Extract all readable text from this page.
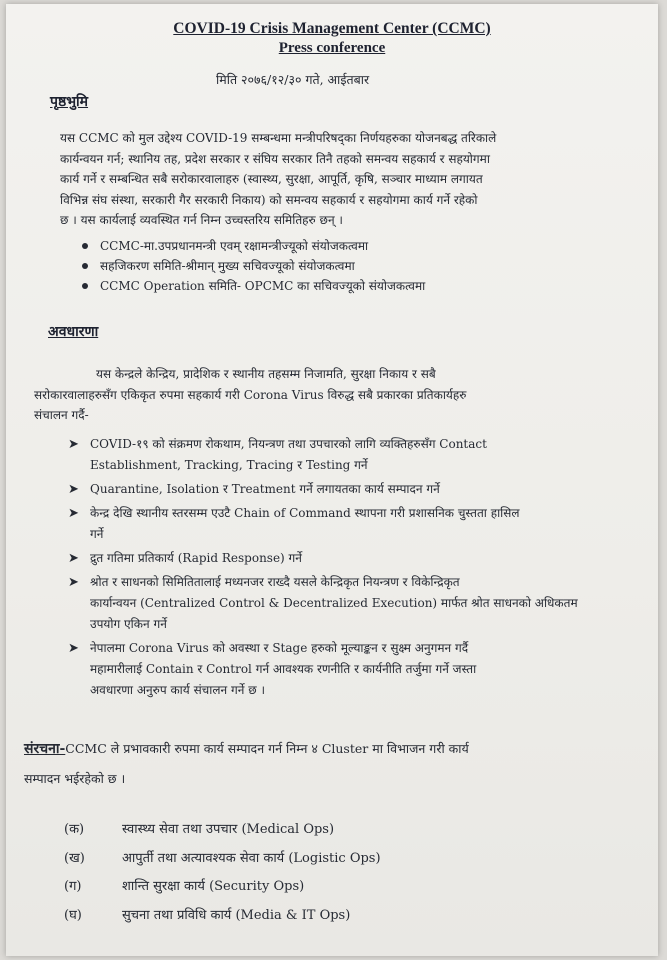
COVID-19 Crisis Management Center (CCMC)
Press conference
मिति २०७६/१२/३० गते, आईतबार
पृष्ठभुमि
यस CCMC को मुल उद्देश्य COVID-19 सम्बन्धमा मन्त्रीपरिषद्का निर्णयहरुका योजनबद्ध तरिकाले
कार्यन्वयन गर्न; स्थानिय तह, प्रदेश सरकार र संघिय सरकार तिनै तहको समन्वय सहकार्य र सहयोगमा
कार्य गर्ने र सम्बन्धित सबै सरोकारवालाहरु (स्वास्थ्य, सुरक्षा, आपूर्ति, कृषि, सञ्चार माध्याम लगायत
विभिन्न संघ संस्था, सरकारी गैर सरकारी निकाय) को समन्वय सहकार्य र सहयोगमा कार्य गर्ने रहेको
छ । यस कार्यलाई व्यवस्थित गर्न निम्न उच्चस्तरिय समितिहरु छन् ।
CCMC-मा.उपप्रधानमन्त्री एवम् रक्षामन्त्रीज्यूको संयोजकत्वमा
सहजिकरण समिति-श्रीमान् मुख्य सचिवज्यूको संयोजकत्वमा
CCMC Operation समिति- OPCMC का सचिवज्यूको संयोजकत्वमा
अवधारणा
यस केन्द्रले केन्द्रिय, प्रादेशिक र स्थानीय तहसम्म निजामति, सुरक्षा निकाय र सबै
सरोकारवालाहरुसँग एकिकृत रुपमा सहकार्य गरी Corona Virus विरुद्ध सबै प्रकारका प्रतिकार्यहरु
संचालन गर्दै-
➤ COVID-१९ को संक्रमण रोकथाम, नियन्त्रण तथा उपचारको लागि व्यक्तिहरुसँग Contact
Establishment, Tracking, Tracing र Testing गर्ने
➤ Quarantine, Isolation र Treatment गर्ने लगायतका कार्य सम्पादन गर्ने
➤ केन्द्र देखि स्थानीय स्तरसम्म एउटै Chain of Command स्थापना गरी प्रशासनिक चुस्तता हासिल
गर्ने
➤ द्रुत गतिमा प्रतिकार्य (Rapid Response) गर्ने
➤ श्रोत र साधनको सिमितितालाई मध्यनजर राख्दै यसले केन्द्रिकृत नियन्त्रण र विकेन्द्रिकृत
कार्यान्वयन (Centralized Control & Decentralized Execution) मार्फत श्रोत साधनको अधिकतम
उपयोग एकिन गर्ने
➤ नेपालमा Corona Virus को अवस्था र Stage हरुको मूल्याङ्कन र सुक्ष्म अनुगमन गर्दै
महामारीलाई Contain र Control गर्न आवश्यक रणनीति र कार्यनीति तर्जुमा गर्ने जस्ता
अवधारणा अनुरुप कार्य संचालन गर्ने छ ।
संरचना-CCMC ले प्रभावकारी रुपमा कार्य सम्पादन गर्न निम्न ४ Cluster मा विभाजन गरी कार्य
सम्पादन भईरहेको छ ।
(क)	स्वास्थ्य सेवा तथा उपचार (Medical Ops)
(ख)	आपुर्ती तथा अत्यावश्यक सेवा कार्य (Logistic Ops)
(ग)	शान्ति सुरक्षा कार्य (Security Ops)
(घ)	सुचना तथा प्रविधि कार्य (Media & IT Ops)
